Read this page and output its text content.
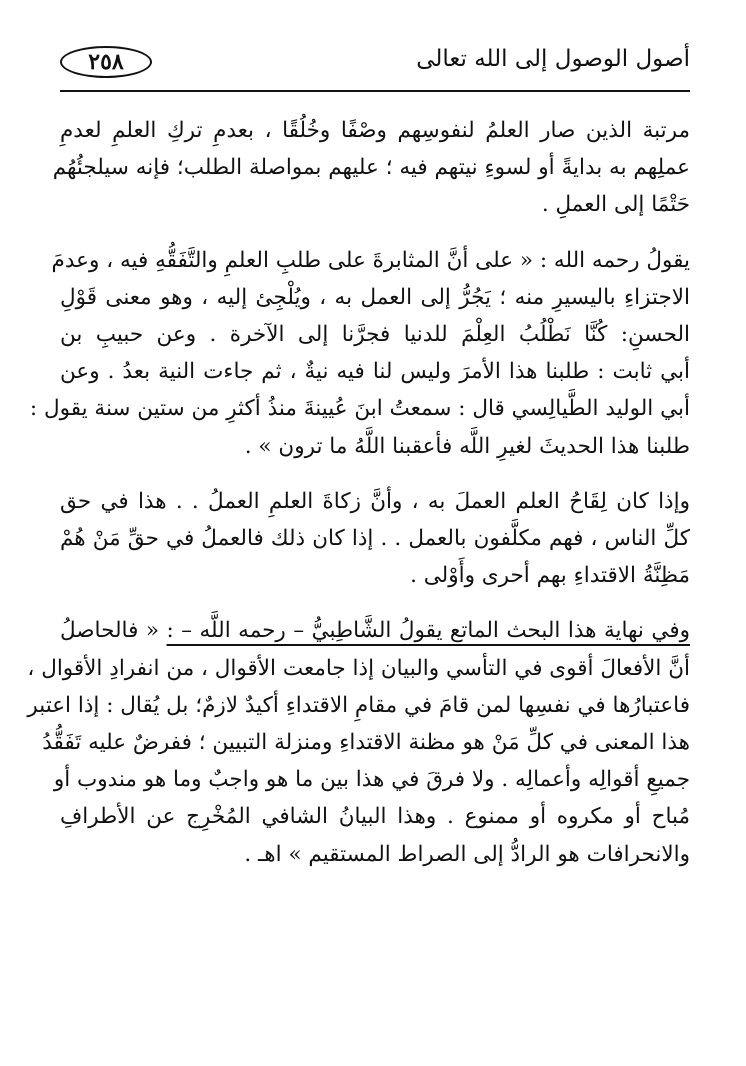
٢٥٨	أصول الوصول إلى الله تعالى
مرتبة الذين صار العلمُ لنفوسِهم وصْفًا وخُلُقًا ، بعدمِ تركِ العلمِ لعدمِ
عملِهم به بدايةً أو لسوءِ نيتهم فيه ؛ عليهم بمواصلة الطلب؛ فإنه سيلجئُهُم
حَتْمًا إلى العملِ .
يقولُ رحمه الله : « على أنَّ المثابرةَ على طلبِ العلمِ والتَّفَقُّهِ فيه ، وعدمَ
الاجتزاءِ باليسيرِ منه ؛ يَجُرُّ إلى العمل به ، ويُلْجِئ إليه ، وهو معنى قَوْلِ
الحسنِ: كُنَّا نَطْلُبُ العِلْمَ للدنيا فجرَّنا إلى الآخرة . وعن حبيبِ بن
أبي ثابت : طلبنا هذا الأمرَ وليس لنا فيه نيةٌ ، ثم جاءت النية بعدُ . وعن
أبي الوليد الطَّيالِسي قال : سمعتُ ابنَ عُيينةَ منذُ أكثرِ من ستين سنة يقول :
طلبنا هذا الحديثَ لغيرِ اللَّه فأعقبنا اللَّهُ ما ترون » .
وإذا كان لِقَاحُ العلم العملَ به ، وأنَّ زكاةَ العلمِ العملُ . . هذا في حق
كلِّ الناس ، فهم مكلَّفون بالعمل . . إذا كان ذلك فالعملُ في حقِّ مَنْ هُمْ
مَظِنَّةُ الاقتداءِ بهم أحرى وأَوْلى .
وفي نهاية هذا البحث الماتع يقولُ الشَّاطِبيُّ – رحمه اللَّه – : « فالحاصلُ
أنَّ الأفعالَ أقوى في التأسي والبيان إذا جامعت الأقوال ، من انفرادِ الأقوال ،
فاعتبارُها في نفسِها لمن قامَ في مقامِ الاقتداءِ أكيدٌ لازمٌ؛ بل يُقال : إذا اعتبر
هذا المعنى في كلِّ مَنْ هو مظنة الاقتداءِ ومنزلة التبيين ؛ ففرضٌ عليه تَفَقُّدُ
جميعِ أقوالِه وأعمالِه . ولا فرقَ في هذا بين ما هو واجبٌ وما هو مندوب أو
مُباح أو مكروه أو ممنوع . وهذا البيانُ الشافي المُخْرِج عن الأطرافِ
والانحرافات هو الرادُّ إلى الصراط المستقيم » اهـ .
